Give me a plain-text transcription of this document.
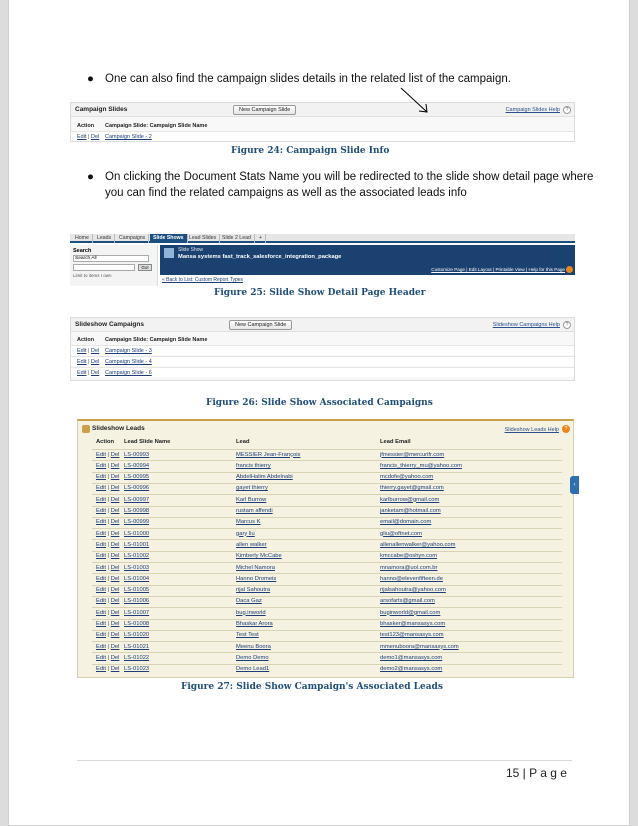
● One can also find the campaign slides details in the related list of the campaign.
Campaign Slides	New Campaign Slide	Campaign Slides Help	?
Action Campaign Slide: Campaign Slide Name
Edit | Del Campaign Slide - 2
Figure 24: Campaign Slide Info
● On clicking the Document Stats Name you will be redirected to the slide show detail page where
you can find the related campaigns as well as the associated leads info
Home	Leads	Campaigns	Slide Shows	Lead Slides	Slide 2 Lead	+
Search
Search All
Go!
Limit to items I own
Slide Show
Mansa systems fast_track_salesforce_integration_package
Customize Page | Edit Layout | Printable View | Help for this Page
« Back to List: Custom Report Types
Figure 25: Slide Show Detail Page Header
Slideshow Campaigns	New Campaign Slide	Slideshow Campaigns Help	?
Action Campaign Slide: Campaign Slide Name
Edit | Del Campaign Slide - 3
Edit | Del Campaign Slide - 4
Edit | Del Campaign Slide - 6
Figure 26: Slide Show Associated Campaigns
Slideshow Leads	Slideshow Leads Help	?
Action Lead Slide Name	Lead	Lead Email
Edit | Del LS-00993	MESSIER Jean-François	jfmessier@mercurifr.com
Edit | Del LS-00994	francis thierry	francis_thierry_mu@yahoo.com
Edit | Del LS-00995	AbdelHalim Abdelnabi	mcdofe@yahoo.com
Edit | Del LS-00996	gayet thierry	thierry.gayet@gmail.com
Edit | Del LS-00997	Karl Burrow	karlburrow@gmail.com
Edit | Del LS-00998	rustam affendi	janketam@hotmail.com
Edit | Del LS-00999	Marcus K	email@domain.com
Edit | Del LS-01000	gary liu	gliu@oftnet.com
Edit | Del LS-01001	allen walker	allenallenwalker@yahoo.com
Edit | Del LS-01002	Kimberly McCabe	kmccabe@oshyn.com
Edit | Del LS-01003	Michel Namora	mnamora@uol.com.br
Edit | Del LS-01004	Hanno Dromeis	hanno@elevenfifteen.de
Edit | Del LS-01005	rijal Sahoutra	rijalsahoutra@yahoo.com
Edit | Del LS-01006	Daca Gaz	arsofarts@gmail.com
Edit | Del LS-01007	bug.inworld	buginworld@gmail.com
Edit | Del LS-01008	Bhaskar Arora	bhasker@mansasys.com
Edit | Del LS-01020	Test Test	test123@mansasys.com
Edit | Del LS-01021	Meenu Boora	mmenuboora@mansasys.com
Edit | Del LS-01022	Demo Demo	demo1@mansasys.com
Edit | Del LS-01023	Demo Lead1	demo2@mansasys.com
‹
Figure 27: Slide Show Campaign's Associated Leads
15 | P a g e
